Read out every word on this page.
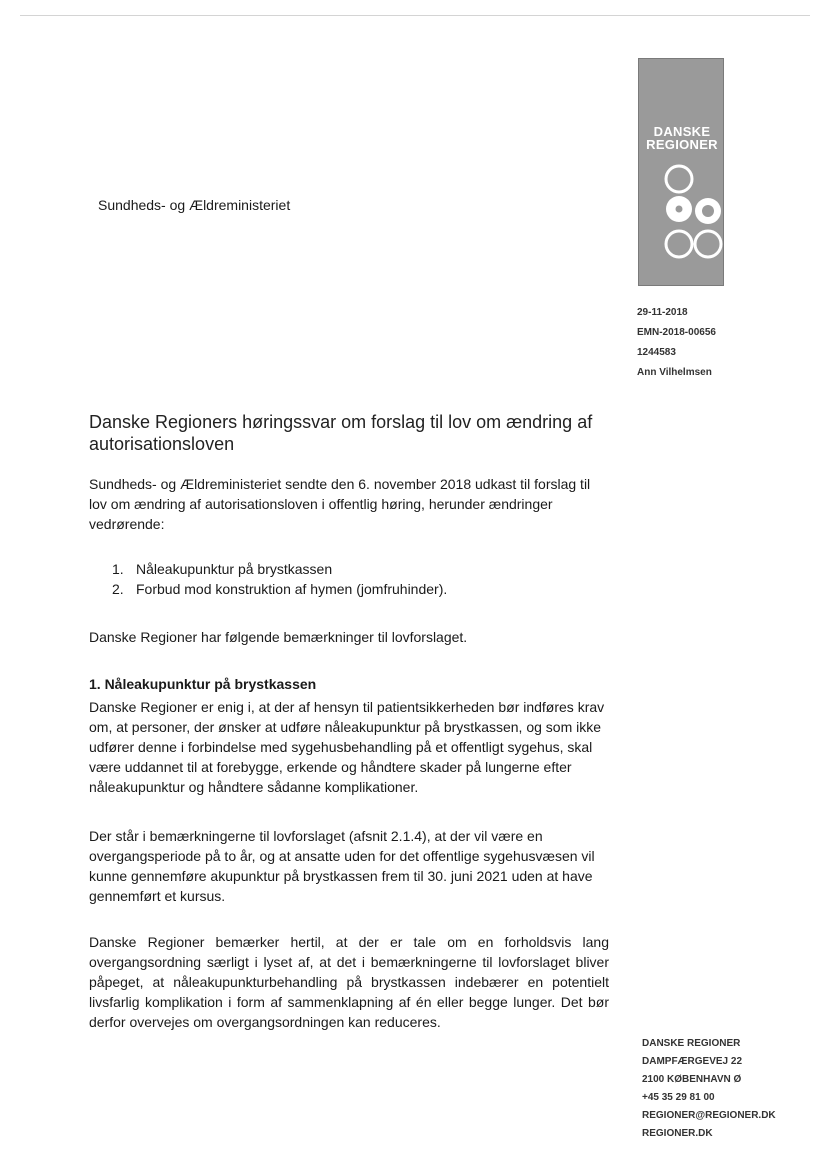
Sundheds- og Ældreministeriet
DANSKE
REGIONER
29-11-2018
EMN-2018-00656
1244583
Ann Vilhelmsen
Danske Regioners høringssvar om forslag til lov om ændring af autorisationsloven

Sundheds- og Ældreministeriet sendte den 6. november 2018 udkast til forslag til lov om ændring af autorisationsloven i offentlig høring, herunder ændringer vedrørende:

1. Nåleakupunktur på brystkassen
2. Forbud mod konstruktion af hymen (jomfruhinder).

Danske Regioner har følgende bemærkninger til lovforslaget.

1. Nåleakupunktur på brystkassen

Danske Regioner er enig i, at der af hensyn til patientsikkerheden bør indføres krav om, at personer, der ønsker at udføre nåleakupunktur på brystkassen, og som ikke udfører denne i forbindelse med sygehusbehandling på et offentligt sygehus, skal være uddannet til at forebygge, erkende og håndtere skader på lungerne efter nåleakupunktur og håndtere sådanne komplikationer.

Der står i bemærkningerne til lovforslaget (afsnit 2.1.4), at der vil være en overgangsperiode på to år, og at ansatte uden for det offentlige sygehusvæsen vil kunne gennemføre akupunktur på brystkassen frem til 30. juni 2021 uden at have gennemført et kursus.

Danske Regioner bemærker hertil, at der er tale om en forholdsvis lang overgangsordning særligt i lyset af, at det i bemærkningerne til lovforslaget bliver påpeget, at nåleakupunkturbehandling på brystkassen indebærer en potentielt livsfarlig komplikation i form af sammenklapning af én eller begge lunger. Det bør derfor overvejes om overgangsordningen kan reduceres.

DANSKE REGIONER
DAMPFÆRGEVEJ 22
2100 KØBENHAVN Ø
+45 35 29 81 00
REGIONER@REGIONER.DK
REGIONER.DK
